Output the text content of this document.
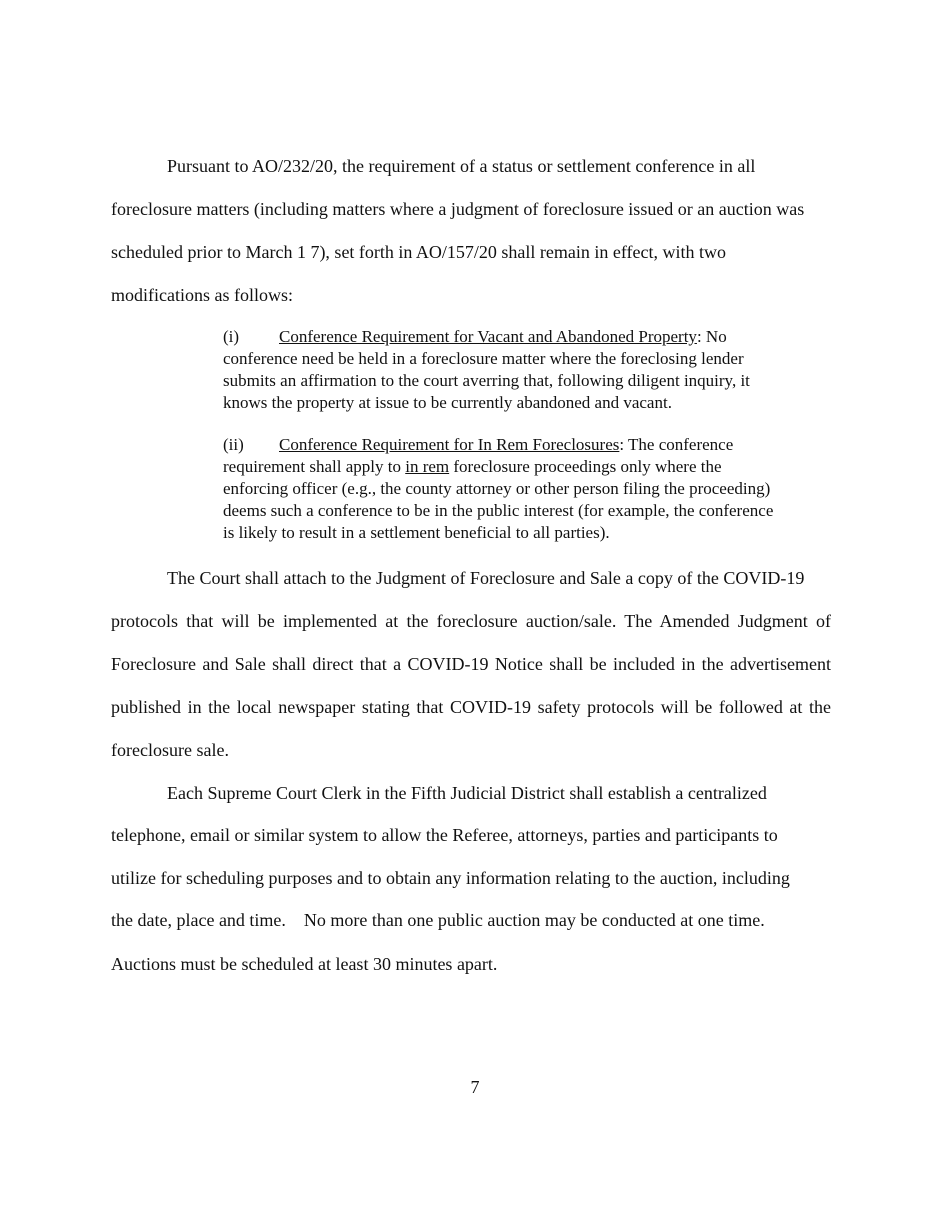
Pursuant to AO/232/20, the requirement of a status or settlement conference in all

foreclosure matters (including matters where a judgment of foreclosure issued or an auction was

scheduled prior to March 1 7), set forth in AO/157/20 shall remain in effect, with two

modifications as follows:

(i) Conference Requirement for Vacant and Abandoned Property: No

conference need be held in a foreclosure matter where the foreclosing lender

submits an affirmation to the court averring that, following diligent inquiry, it

knows the property at issue to be currently abandoned and vacant.

(ii) Conference Requirement for In Rem Foreclosures: The conference

requirement shall apply to in rem foreclosure proceedings only where the

enforcing officer (e.g., the county attorney or other person filing the proceeding)

deems such a conference to be in the public interest (for example, the conference

is likely to result in a settlement beneficial to all parties).

The Court shall attach to the Judgment of Foreclosure and Sale a copy of the COVID-19

protocols that will be implemented at the foreclosure auction/sale. The Amended Judgment of

Foreclosure and Sale shall direct that a COVID-19 Notice shall be included in the advertisement

published in the local newspaper stating that COVID-19 safety protocols will be followed at the

foreclosure sale.

Each Supreme Court Clerk in the Fifth Judicial District shall establish a centralized

telephone, email or similar system to allow the Referee, attorneys, parties and participants to

utilize for scheduling purposes and to obtain any information relating to the auction, including

the date, place and time.    No more than one public auction may be conducted at one time.

Auctions must be scheduled at least 30 minutes apart.

7
